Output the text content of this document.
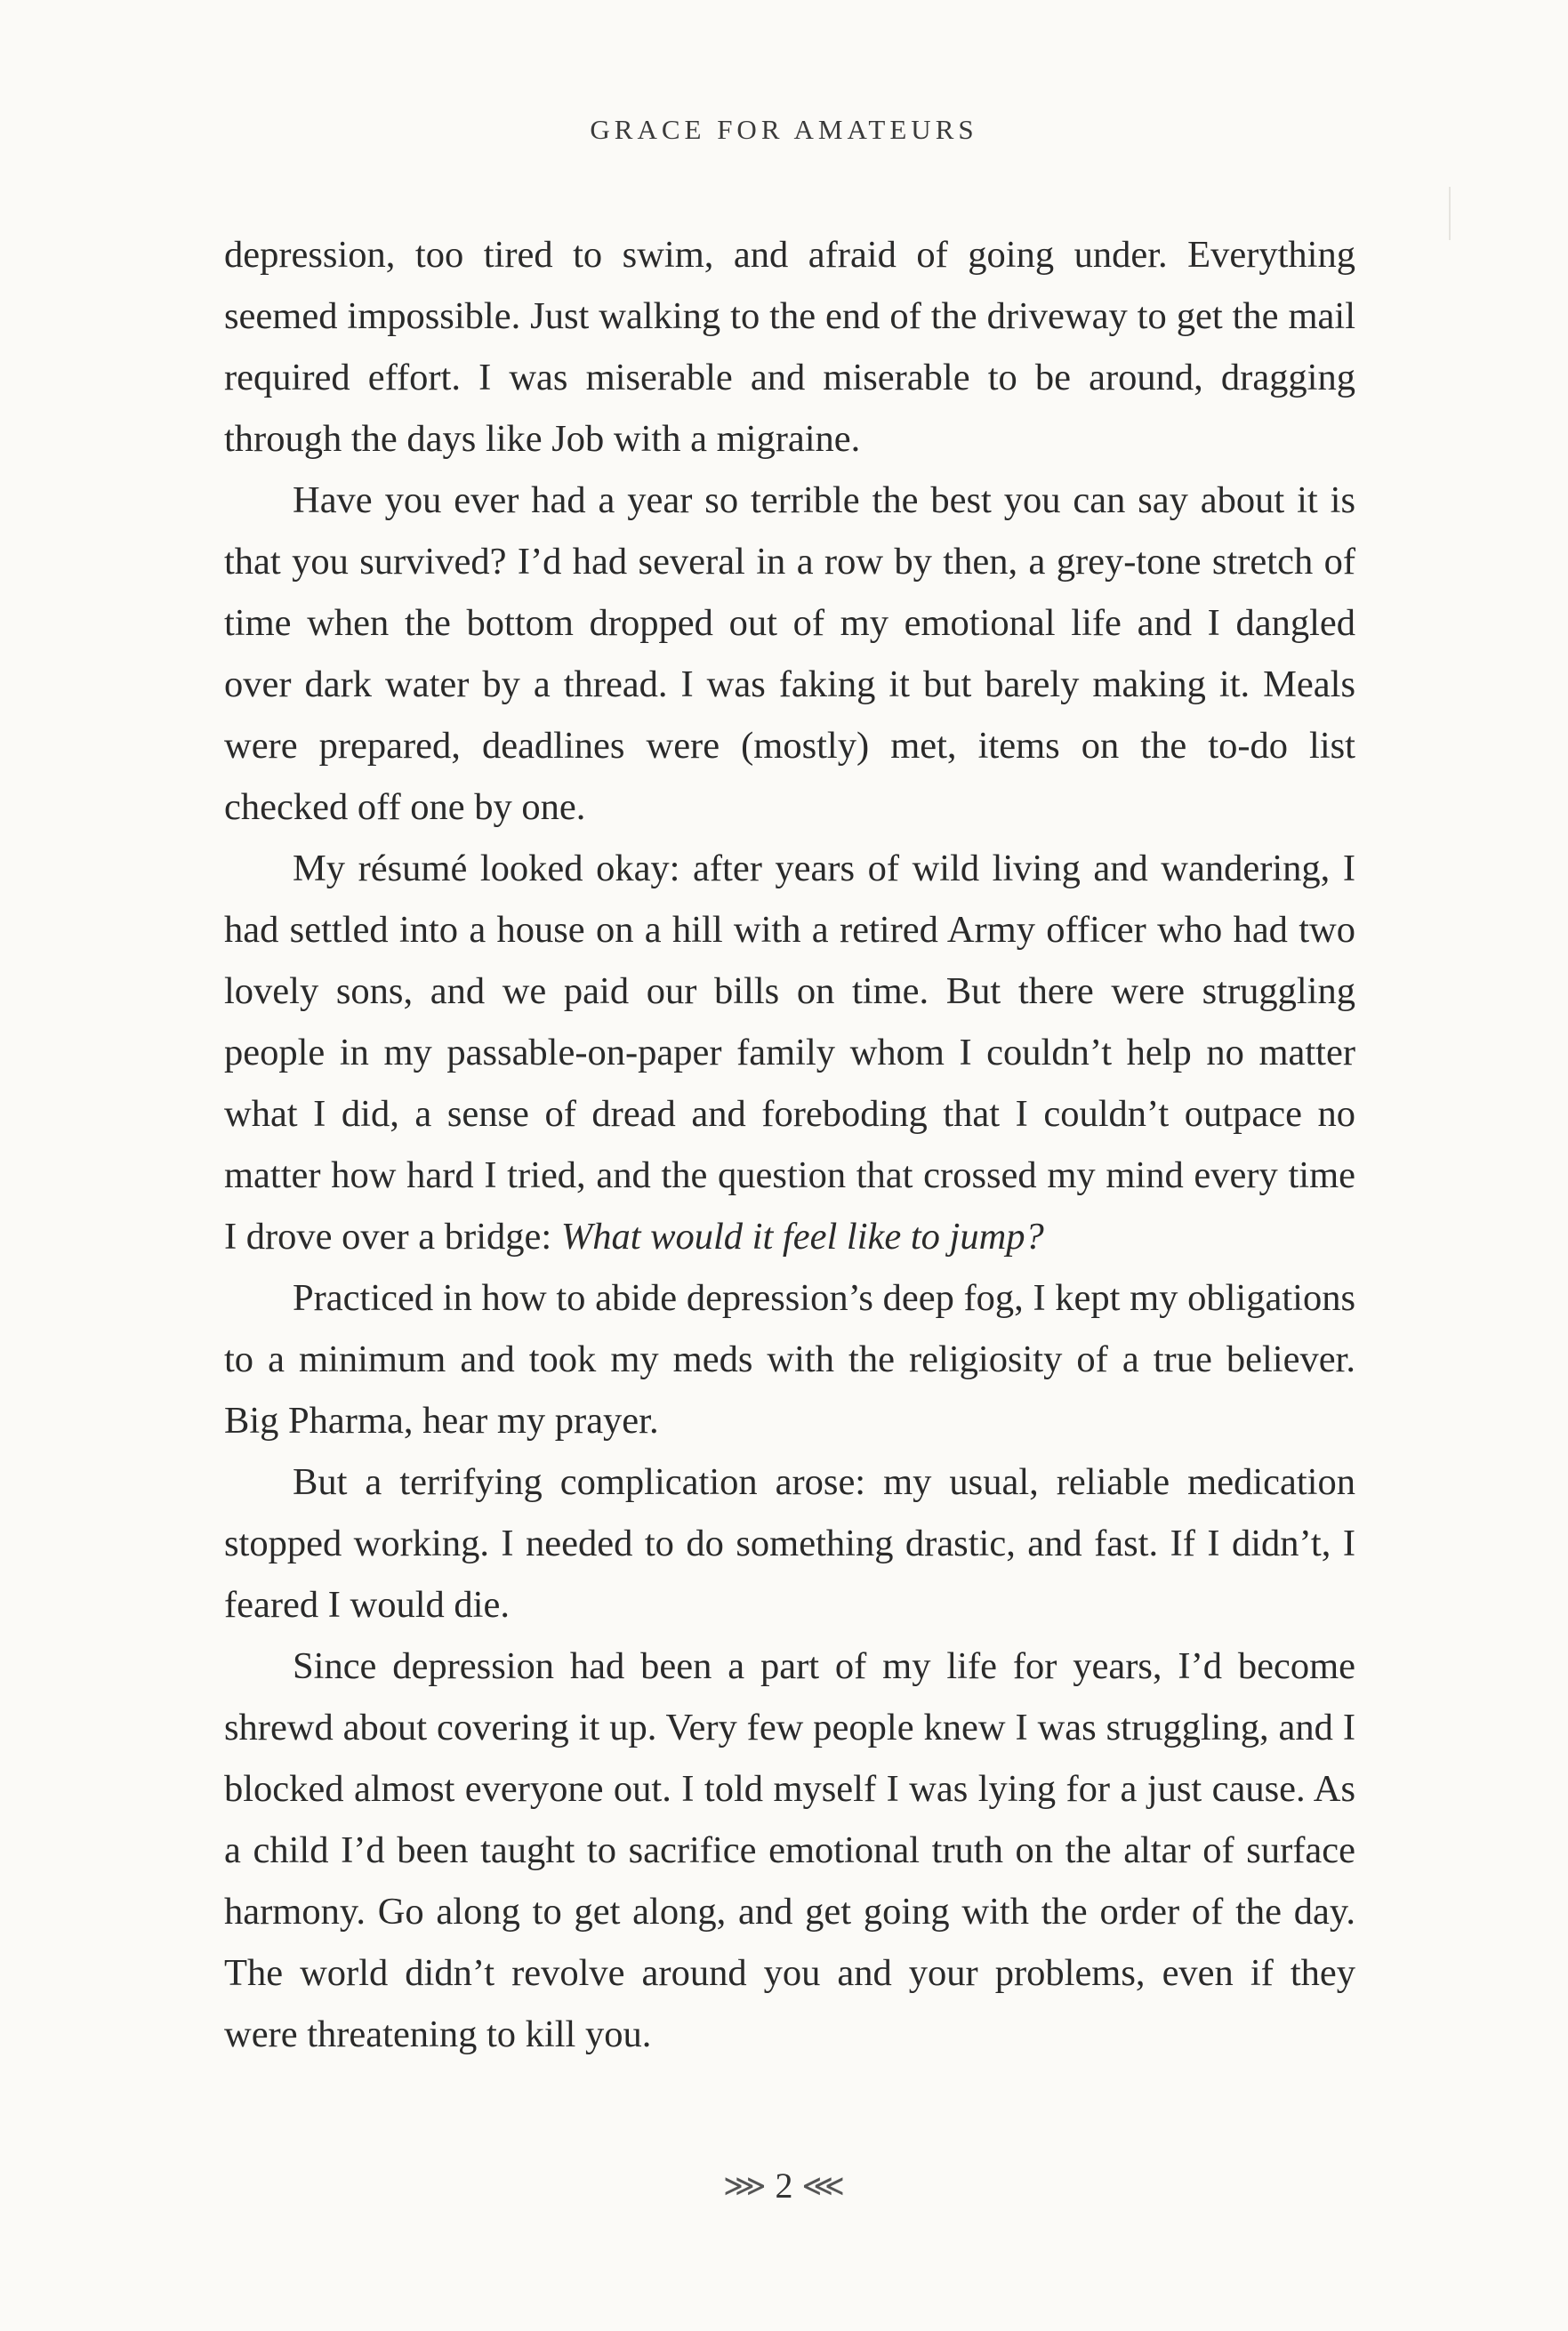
GRACE FOR AMATEURS

depression, too tired to swim, and afraid of going under. Everything seemed impossible. Just walking to the end of the driveway to get the mail required effort. I was miserable and miserable to be around, dragging through the days like Job with a migraine.

Have you ever had a year so terrible the best you can say about it is that you survived? I’d had several in a row by then, a grey-tone stretch of time when the bottom dropped out of my emotional life and I dangled over dark water by a thread. I was faking it but barely making it. Meals were prepared, deadlines were (mostly) met, items on the to-do list checked off one by one.

My résumé looked okay: after years of wild living and wandering, I had settled into a house on a hill with a retired Army officer who had two lovely sons, and we paid our bills on time. But there were struggling people in my passable-on-paper family whom I couldn’t help no matter what I did, a sense of dread and foreboding that I couldn’t outpace no matter how hard I tried, and the question that crossed my mind every time I drove over a bridge: What would it feel like to jump?

Practiced in how to abide depression’s deep fog, I kept my obligations to a minimum and took my meds with the religiosity of a true believer. Big Pharma, hear my prayer.

But a terrifying complication arose: my usual, reliable medication stopped working. I needed to do something drastic, and fast. If I didn’t, I feared I would die.

Since depression had been a part of my life for years, I’d become shrewd about covering it up. Very few people knew I was struggling, and I blocked almost everyone out. I told myself I was lying for a just cause. As a child I’d been taught to sacrifice emotional truth on the altar of surface harmony. Go along to get along, and get going with the order of the day. The world didn’t revolve around you and your problems, even if they were threatening to kill you.

⋙ 2 ⋘
